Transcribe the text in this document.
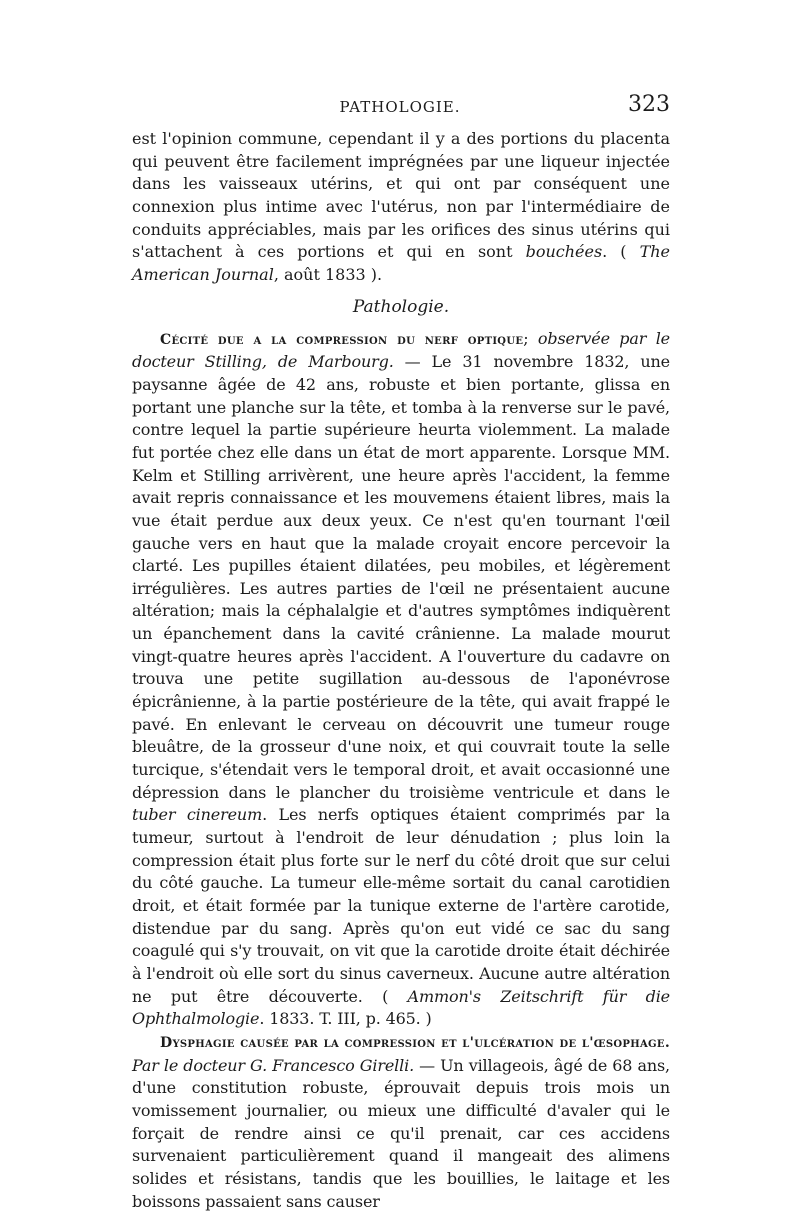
PATHOLOGIE.	323

est l'opinion commune, cependant il y a des portions du placenta qui peuvent être facilement imprégnées par une liqueur injectée dans les vaisseaux utérins, et qui ont par conséquent une connexion plus intime avec l'utérus, non par l'intermédiaire de conduits appréciables, mais par les orifices des sinus utérins qui s'attachent à ces portions et qui en sont bouchées. ( The American Journal, août 1833 ).

Pathologie.

Cécité due a la compression du nerf optique; observée par le docteur Stilling, de Marbourg. — Le 31 novembre 1832, une paysanne âgée de 42 ans, robuste et bien portante, glissa en portant une planche sur la tête, et tomba à la renverse sur le pavé, contre lequel la partie supérieure heurta violemment. La malade fut portée chez elle dans un état de mort apparente. Lorsque MM. Kelm et Stilling arrivèrent, une heure après l'accident, la femme avait repris connaissance et les mouvemens étaient libres, mais la vue était perdue aux deux yeux. Ce n'est qu'en tournant l'œil gauche vers en haut que la malade croyait encore percevoir la clarté. Les pupilles étaient dilatées, peu mobiles, et légèrement irrégulières. Les autres parties de l'œil ne présentaient aucune altération; mais la céphalalgie et d'autres symptômes indiquèrent un épanchement dans la cavité crânienne. La malade mourut vingt-quatre heures après l'accident. A l'ouverture du cadavre on trouva une petite sugillation au-dessous de l'aponévrose épicrânienne, à la partie postérieure de la tête, qui avait frappé le pavé. En enlevant le cerveau on découvrit une tumeur rouge bleuâtre, de la grosseur d'une noix, et qui couvrait toute la selle turcique, s'étendait vers le temporal droit, et avait occasionné une dépression dans le plancher du troisième ventricule et dans le tuber cinereum. Les nerfs optiques étaient comprimés par la tumeur, surtout à l'endroit de leur dénudation ; plus loin la compression était plus forte sur le nerf du côté droit que sur celui du côté gauche. La tumeur elle-même sortait du canal carotidien droit, et était formée par la tunique externe de l'artère carotide, distendue par du sang. Après qu'on eut vidé ce sac du sang coagulé qui s'y trouvait, on vit que la carotide droite était déchirée à l'endroit où elle sort du sinus caverneux. Aucune autre altération ne put être découverte. ( Ammon's Zeitschrift für die Ophthalmologie. 1833. T. III, p. 465. )

Dysphagie causée par la compression et l'ulcération de l'œsophage. Par le docteur G. Francesco Girelli. — Un villageois, âgé de 68 ans, d'une constitution robuste, éprouvait depuis trois mois un vomissement journalier, ou mieux une difficulté d'avaler qui le forçait de rendre ainsi ce qu'il prenait, car ces accidens survenaient particulièrement quand il mangeait des alimens solides et résistans, tandis que les bouillies, le laitage et les boissons passaient sans causer
